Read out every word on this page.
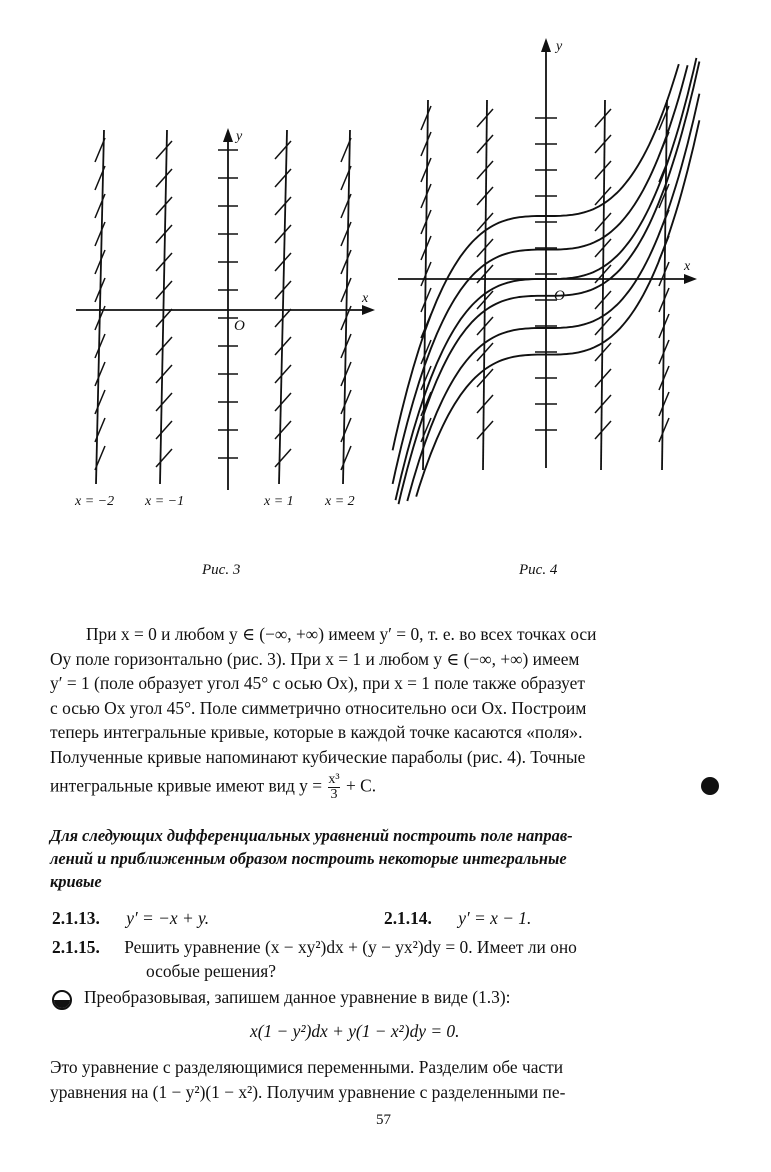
x
y
O
x = −2 x = −1	x = 1 x = 2
x
y
O
Рис. 3	Рис. 4
При x = 0 и любом y ∈ (−∞, +∞) имеем y′ = 0, т. е. во всех точках оси
Oy поле горизонтально (рис. 3). При x = 1 и любом y ∈ (−∞, +∞) имеем
y′ = 1 (поле образует угол 45° с осью Ox), при x = 1 поле также образует
с осью Ox угол 45°. Поле симметрично относительно оси Ox. Построим
теперь интегральные кривые, которые в каждой точке касаются «поля».
Полученные кривые напоминают кубические параболы (рис. 4). Точные
интегральные кривые имеют вид $y = \frac{\text{x³}}{3} + C$.
Для следующих дифференциальных уравнений построить поле направ-
лений и приближенным образом построить некоторые интегральные
кривые
2.1.13. y′ = −x + y.	2.1.14. y′ = x − 1.
2.1.15. Решить уравнение (x − xy²)dx + (y − yx²)dy = 0. Имеет ли оно
особые решения?
Преобразовывая, запишем данное уравнение в виде (1.3):
x(1 − y²)dx + y(1 − x²)dy = 0.
Это уравнение с разделяющимися переменными. Разделим обе части
уравнения на (1 − y²)(1 − x²). Получим уравнение с разделенными пе-
57
